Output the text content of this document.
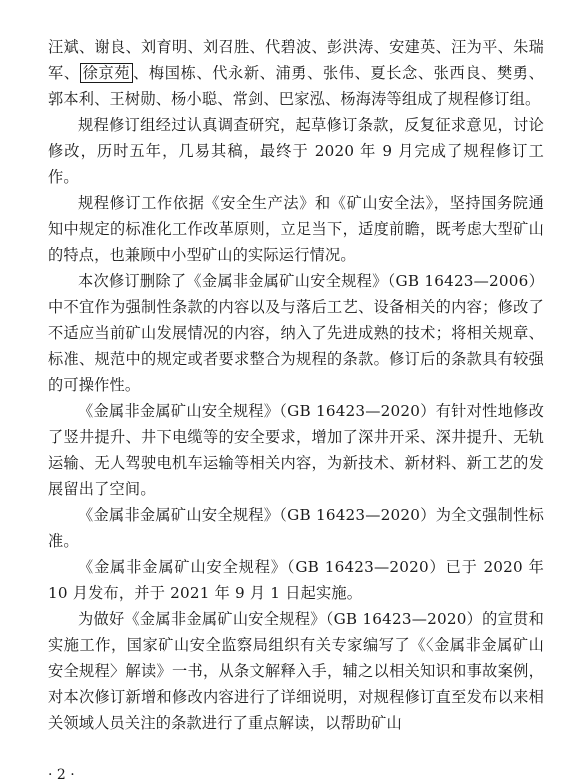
汪斌、谢良、刘育明、刘召胜、代碧波、彭洪涛、安建英、汪为平、朱瑞军、 徐京苑 、梅国栋、代永新、浦勇、张伟、夏长念、张西良、樊勇、郭本利、王树勋、杨小聪、常剑、巴家泓、杨海涛等组成了规程修订组。

规程修订组经过认真调查研究，起草修订条款，反复征求意见，讨论修改，历时五年，几易其稿，最终于 2020 年 9 月完成了规程修订工作。

规程修订工作依据《安全生产法》和《矿山安全法》，坚持国务院通知中规定的标准化工作改革原则，立足当下，适度前瞻，既考虑大型矿山的特点，也兼顾中小型矿山的实际运行情况。

本次修订删除了《金属非金属矿山安全规程》（GB 16423—2006）中不宜作为强制性条款的内容以及与落后工艺、设备相关的内容；修改了不适应当前矿山发展情况的内容，纳入了先进成熟的技术；将相关规章、标准、规范中的规定或者要求整合为规程的条款。修订后的条款具有较强的可操作性。

《金属非金属矿山安全规程》（GB 16423—2020）有针对性地修改了竖井提升、井下电缆等的安全要求，增加了深井开采、深井提升、无轨运输、无人驾驶电机车运输等相关内容，为新技术、新材料、新工艺的发展留出了空间。

《金属非金属矿山安全规程》（GB 16423—2020）为全文强制性标准。

《金属非金属矿山安全规程》（GB 16423—2020）已于 2020 年 10 月发布，并于 2021 年 9 月 1 日起实施。

为做好《金属非金属矿山安全规程》（GB 16423—2020）的宣贯和实施工作，国家矿山安全监察局组织有关专家编写了《〈金属非金属矿山安全规程〉解读》一书，从条文解释入手，辅之以相关知识和事故案例，对本次修订新增和修改内容进行了详细说明，对规程修订直至发布以来相关领域人员关注的条款进行了重点解读，以帮助矿山

· 2 ·
